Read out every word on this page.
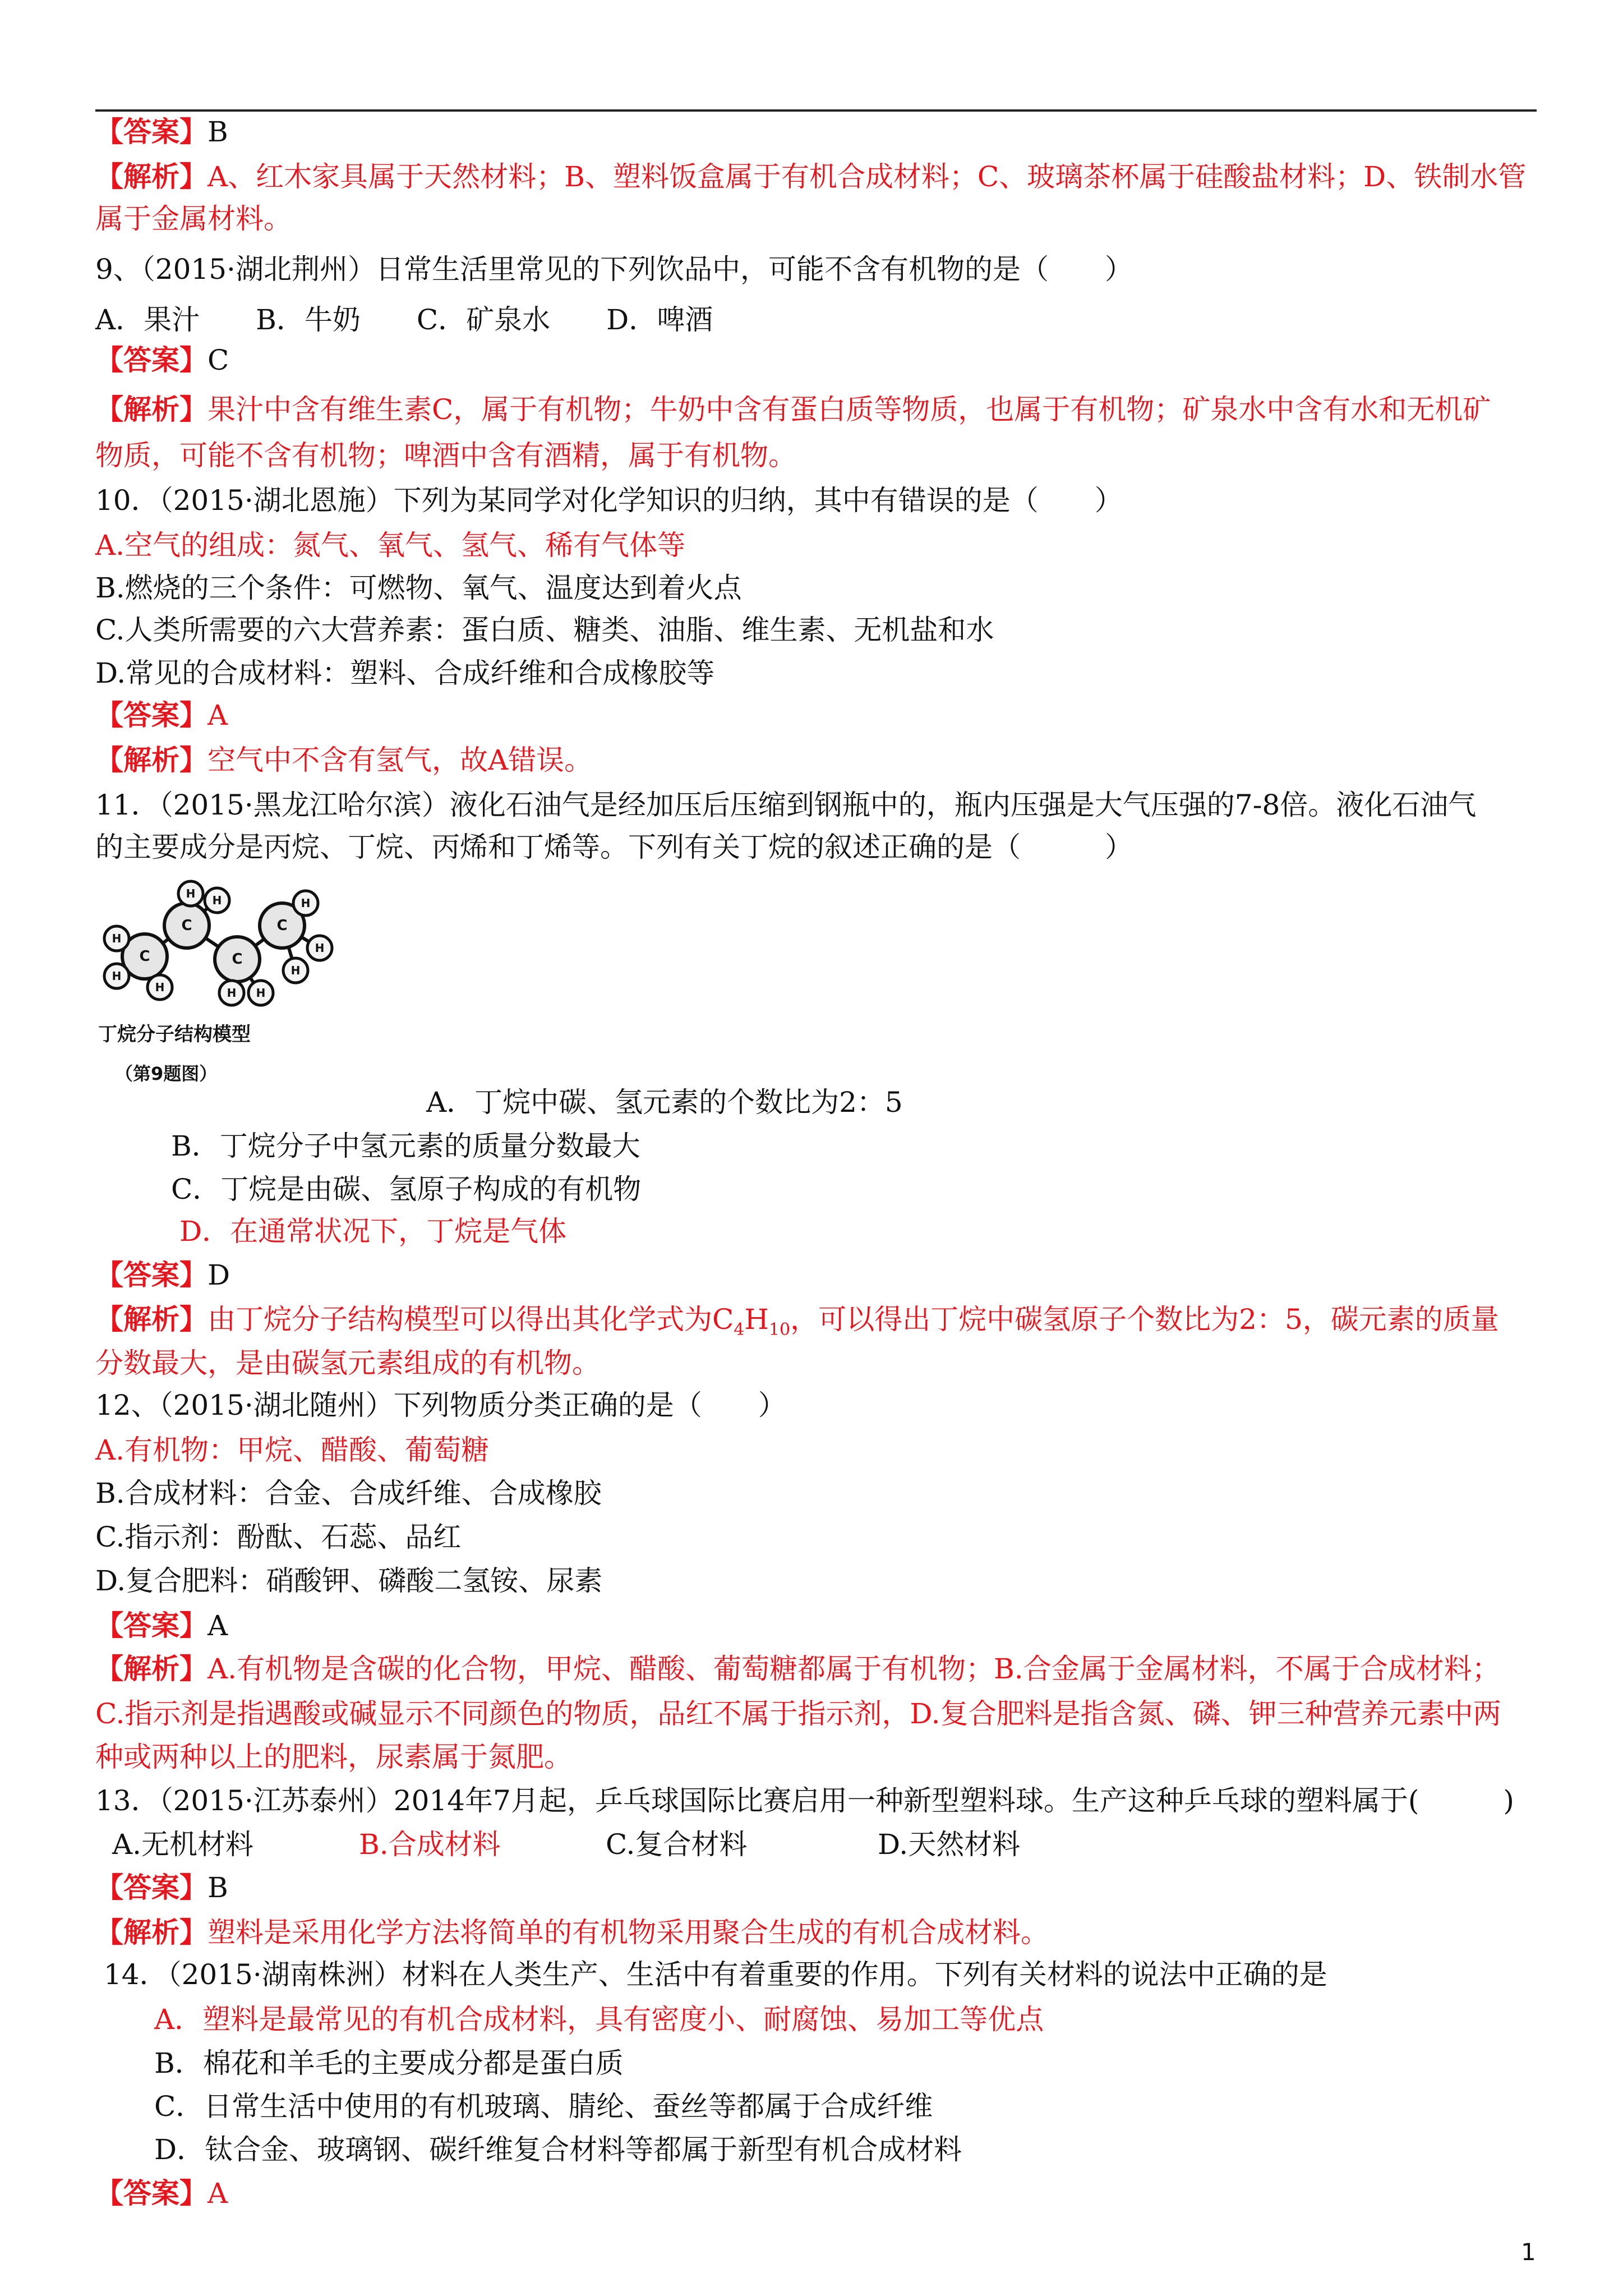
【答案】B
【解析】A、红木家具属于天然材料；B、塑料饭盒属于有机合成材料；C、玻璃茶杯属于硅酸盐材料；D、铁制水管
属于金属材料。
9、（2015·湖北荆州）日常生活里常见的下列饮品中，可能不含有机物的是（　　）
A．果汁　　B．牛奶　　C．矿泉水　　D．啤酒
【答案】C
【解析】果汁中含有维生素C，属于有机物；牛奶中含有蛋白质等物质，也属于有机物；矿泉水中含有水和无机矿
物质，可能不含有机物；啤酒中含有酒精，属于有机物。
10．（2015·湖北恩施）下列为某同学对化学知识的归纳，其中有错误的是（　　）
A.空气的组成：氮气、氧气、氢气、稀有气体等
B.燃烧的三个条件：可燃物、氧气、温度达到着火点
C.人类所需要的六大营养素：蛋白质、糖类、油脂、维生素、无机盐和水
D.常见的合成材料：塑料、合成纤维和合成橡胶等
【答案】A
【解析】空气中不含有氢气，故A错误。
11．（2015·黑龙江哈尔滨）液化石油气是经加压后压缩到钢瓶中的，瓶内压强是大气压强的7-8倍。液化石油气
的主要成分是丙烷、丁烷、丙烯和丁烯等。下列有关丁烷的叙述正确的是（　　　）
C
C
C
C
H
H
H
H H
H H
H
H
H
丁烷分子结构模型
（第9题图）
A．丁烷中碳、氢元素的个数比为2：5
B．丁烷分子中氢元素的质量分数最大
C．丁烷是由碳、氢原子构成的有机物
D．在通常状况下，丁烷是气体
【答案】D
【解析】由丁烷分子结构模型可以得出其化学式为$C_4H_{10}$，可以得出丁烷中碳氢原子个数比为2：5，碳元素的质量
分数最大，是由碳氢元素组成的有机物。
12、（2015·湖北随州）下列物质分类正确的是（　　）
A.有机物：甲烷、醋酸、葡萄糖
B.合成材料：合金、合成纤维、合成橡胶
C.指示剂：酚酞、石蕊、品红
D.复合肥料：硝酸钾、磷酸二氢铵、尿素
【答案】A
【解析】A.有机物是含碳的化合物，甲烷、醋酸、葡萄糖都属于有机物；B.合金属于金属材料，不属于合成材料；
C.指示剂是指遇酸或碱显示不同颜色的物质，品红不属于指示剂，D.复合肥料是指含氮、磷、钾三种营养元素中两
种或两种以上的肥料，尿素属于氮肥。
13．（2015·江苏泰州）2014年7月起，乒乓球国际比赛启用一种新型塑料球。生产这种乒乓球的塑料属于(　　　)
A.无机材料	B.合成材料	C.复合材料	D.天然材料
【答案】B
【解析】塑料是采用化学方法将简单的有机物采用聚合生成的有机合成材料。
14．（2015·湖南株洲）材料在人类生产、生活中有着重要的作用。下列有关材料的说法中正确的是
A．塑料是最常见的有机合成材料，具有密度小、耐腐蚀、易加工等优点
B．棉花和羊毛的主要成分都是蛋白质
C．日常生活中使用的有机玻璃、腈纶、蚕丝等都属于合成纤维
D．钛合金、玻璃钢、碳纤维复合材料等都属于新型有机合成材料
【答案】A
1
